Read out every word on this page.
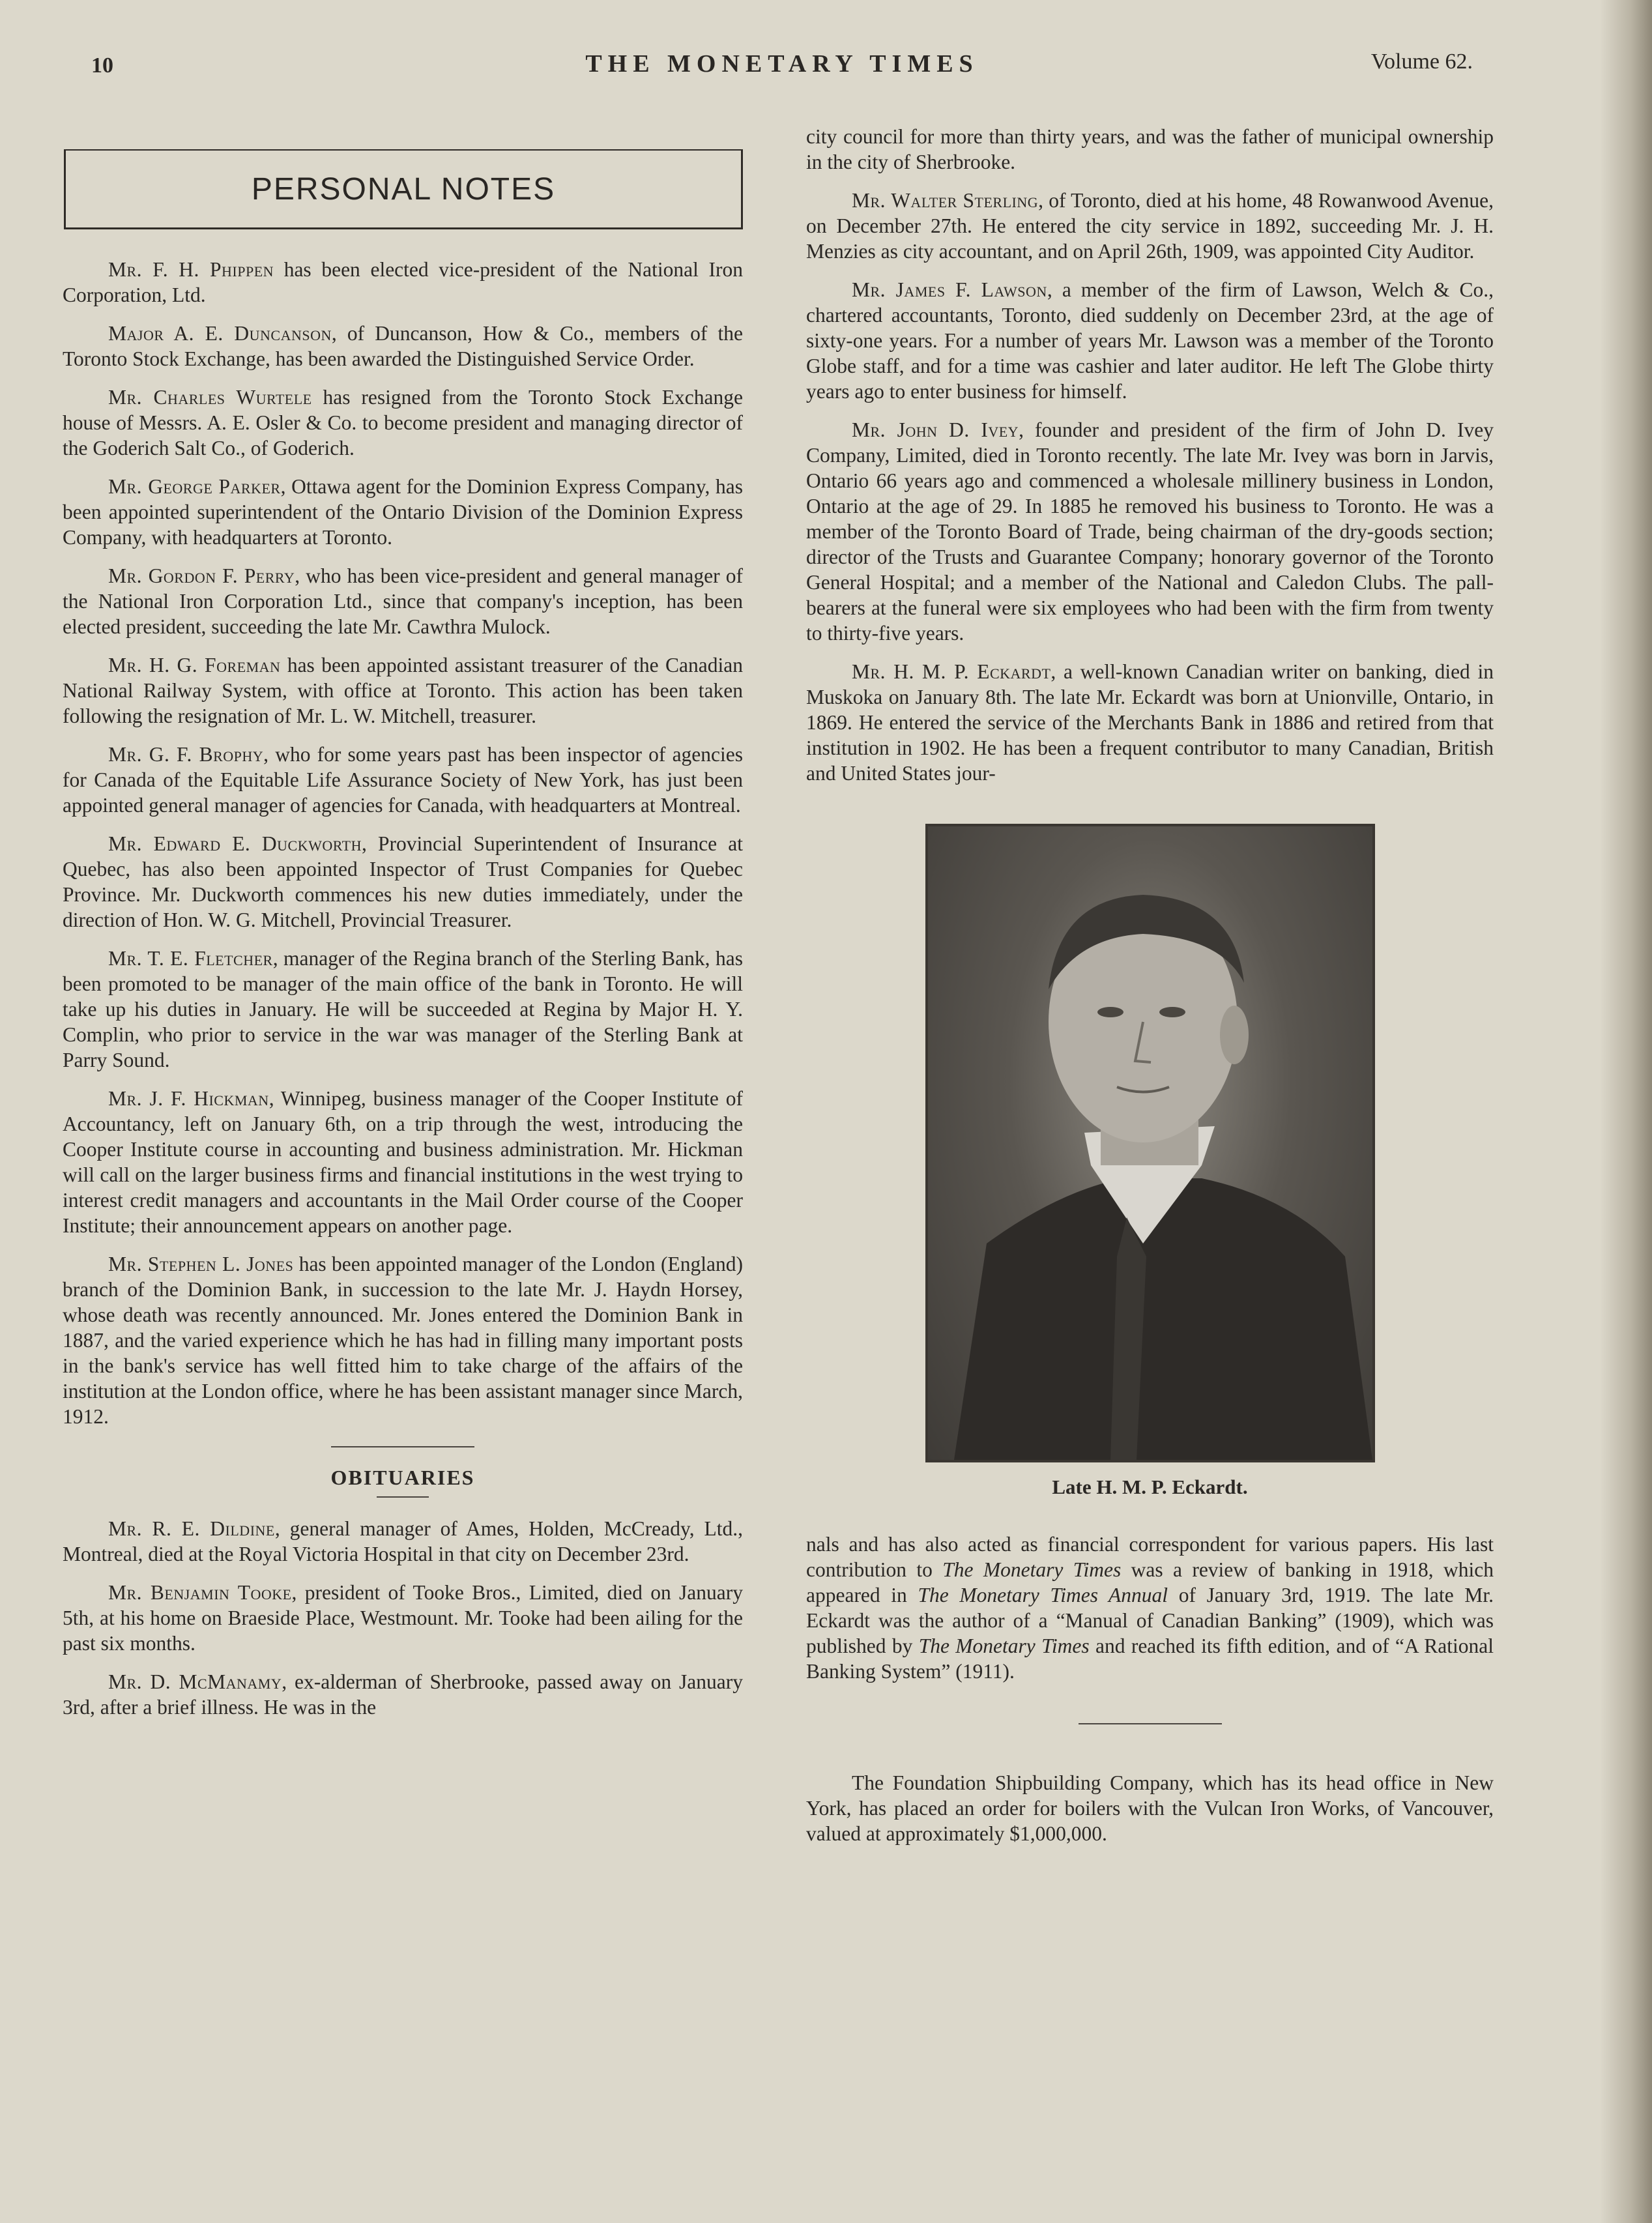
10	THE MONETARY TIMES	Volume 62.
PERSONAL NOTES

Mr. F. H. Phippen has been elected vice-president of the National Iron Corporation, Ltd.

Major A. E. Duncanson, of Duncanson, How & Co., members of the Toronto Stock Exchange, has been awarded the Distinguished Service Order.

Mr. Charles Wurtele has resigned from the Toronto Stock Exchange house of Messrs. A. E. Osler & Co. to become president and managing director of the Goderich Salt Co., of Goderich.

Mr. George Parker, Ottawa agent for the Dominion Express Company, has been appointed superintendent of the Ontario Division of the Dominion Express Company, with headquarters at Toronto.

Mr. Gordon F. Perry, who has been vice-president and general manager of the National Iron Corporation Ltd., since that company's inception, has been elected president, succeeding the late Mr. Cawthra Mulock.

Mr. H. G. Foreman has been appointed assistant treasurer of the Canadian National Railway System, with office at Toronto. This action has been taken following the resignation of Mr. L. W. Mitchell, treasurer.

Mr. G. F. Brophy, who for some years past has been inspector of agencies for Canada of the Equitable Life Assurance Society of New York, has just been appointed general manager of agencies for Canada, with headquarters at Montreal.

Mr. Edward E. Duckworth, Provincial Superintendent of Insurance at Quebec, has also been appointed Inspector of Trust Companies for Quebec Province. Mr. Duckworth commences his new duties immediately, under the direction of Hon. W. G. Mitchell, Provincial Treasurer.

Mr. T. E. Fletcher, manager of the Regina branch of the Sterling Bank, has been promoted to be manager of the main office of the bank in Toronto. He will take up his duties in January. He will be succeeded at Regina by Major H. Y. Complin, who prior to service in the war was manager of the Sterling Bank at Parry Sound.

Mr. J. F. Hickman, Winnipeg, business manager of the Cooper Institute of Accountancy, left on January 6th, on a trip through the west, introducing the Cooper Institute course in accounting and business administration. Mr. Hickman will call on the larger business firms and financial institutions in the west trying to interest credit managers and accountants in the Mail Order course of the Cooper Institute; their announcement appears on another page.

Mr. Stephen L. Jones has been appointed manager of the London (England) branch of the Dominion Bank, in succession to the late Mr. J. Haydn Horsey, whose death was recently announced. Mr. Jones entered the Dominion Bank in 1887, and the varied experience which he has had in filling many important posts in the bank's service has well fitted him to take charge of the affairs of the institution at the London office, where he has been assistant manager since March, 1912.

OBITUARIES

Mr. R. E. Dildine, general manager of Ames, Holden, McCready, Ltd., Montreal, died at the Royal Victoria Hospital in that city on December 23rd.

Mr. Benjamin Tooke, president of Tooke Bros., Limited, died on January 5th, at his home on Braeside Place, Westmount. Mr. Tooke had been ailing for the past six months.

Mr. D. McManamy, ex-alderman of Sherbrooke, passed away on January 3rd, after a brief illness. He was in the

city council for more than thirty years, and was the father of municipal ownership in the city of Sherbrooke.

Mr. Walter Sterling, of Toronto, died at his home, 48 Rowanwood Avenue, on December 27th. He entered the city service in 1892, succeeding Mr. J. H. Menzies as city accountant, and on April 26th, 1909, was appointed City Auditor.

Mr. James F. Lawson, a member of the firm of Lawson, Welch & Co., chartered accountants, Toronto, died suddenly on December 23rd, at the age of sixty-one years. For a number of years Mr. Lawson was a member of the Toronto Globe staff, and for a time was cashier and later auditor. He left The Globe thirty years ago to enter business for himself.

Mr. John D. Ivey, founder and president of the firm of John D. Ivey Company, Limited, died in Toronto recently. The late Mr. Ivey was born in Jarvis, Ontario 66 years ago and commenced a wholesale millinery business in London, Ontario at the age of 29. In 1885 he removed his business to Toronto. He was a member of the Toronto Board of Trade, being chairman of the dry-goods section; director of the Trusts and Guarantee Company; honorary governor of the Toronto General Hospital; and a member of the National and Caledon Clubs. The pall-bearers at the funeral were six employees who had been with the firm from twenty to thirty-five years.

Mr. H. M. P. Eckardt, a well-known Canadian writer on banking, died in Muskoka on January 8th. The late Mr. Eckardt was born at Unionville, Ontario, in 1869. He entered the service of the Merchants Bank in 1886 and retired from that institution in 1902. He has been a frequent contributor to many Canadian, British and United States jour-

Late H. M. P. Eckardt.

nals and has also acted as financial correspondent for various papers. His last contribution to The Monetary Times was a review of banking in 1918, which appeared in The Monetary Times Annual of January 3rd, 1919. The late Mr. Eckardt was the author of a “Manual of Canadian Banking” (1909), which was published by The Monetary Times and reached its fifth edition, and of “A Rational Banking System” (1911).

The Foundation Shipbuilding Company, which has its head office in New York, has placed an order for boilers with the Vulcan Iron Works, of Vancouver, valued at approximately $1,000,000.
